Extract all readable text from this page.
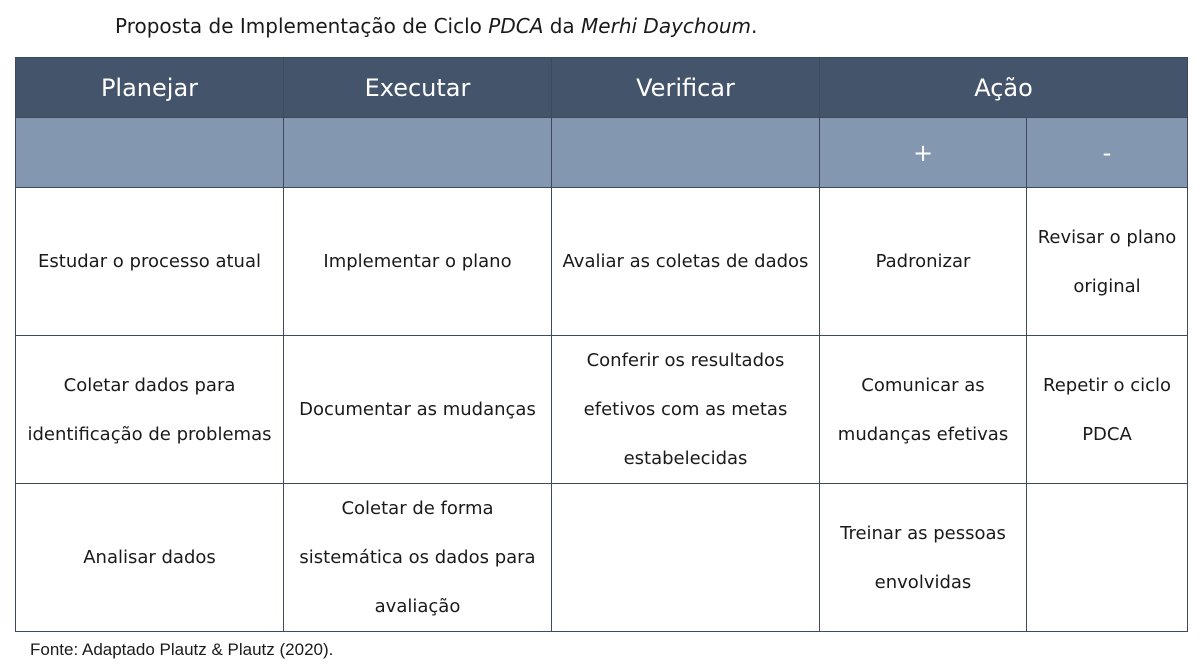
Proposta de Implementação de Ciclo PDCA da Merhi Daychoum.
Planejar	Executar	Verificar	Ação	
			+	-
Estudar o processo atual	Implementar o plano	Avaliar as coletas de dados	Padronizar	Revisar o plano original
Coletar dados para identificação de problemas	Documentar as mudanças	Conferir os resultados efetivos com as metas estabelecidas	Comunicar as mudanças efetivas	Repetir o ciclo PDCA
Analisar dados	Coletar de forma sistemática os dados para avaliação		Treinar as pessoas envolvidas	
Fonte: Adaptado Plautz & Plautz (2020).
